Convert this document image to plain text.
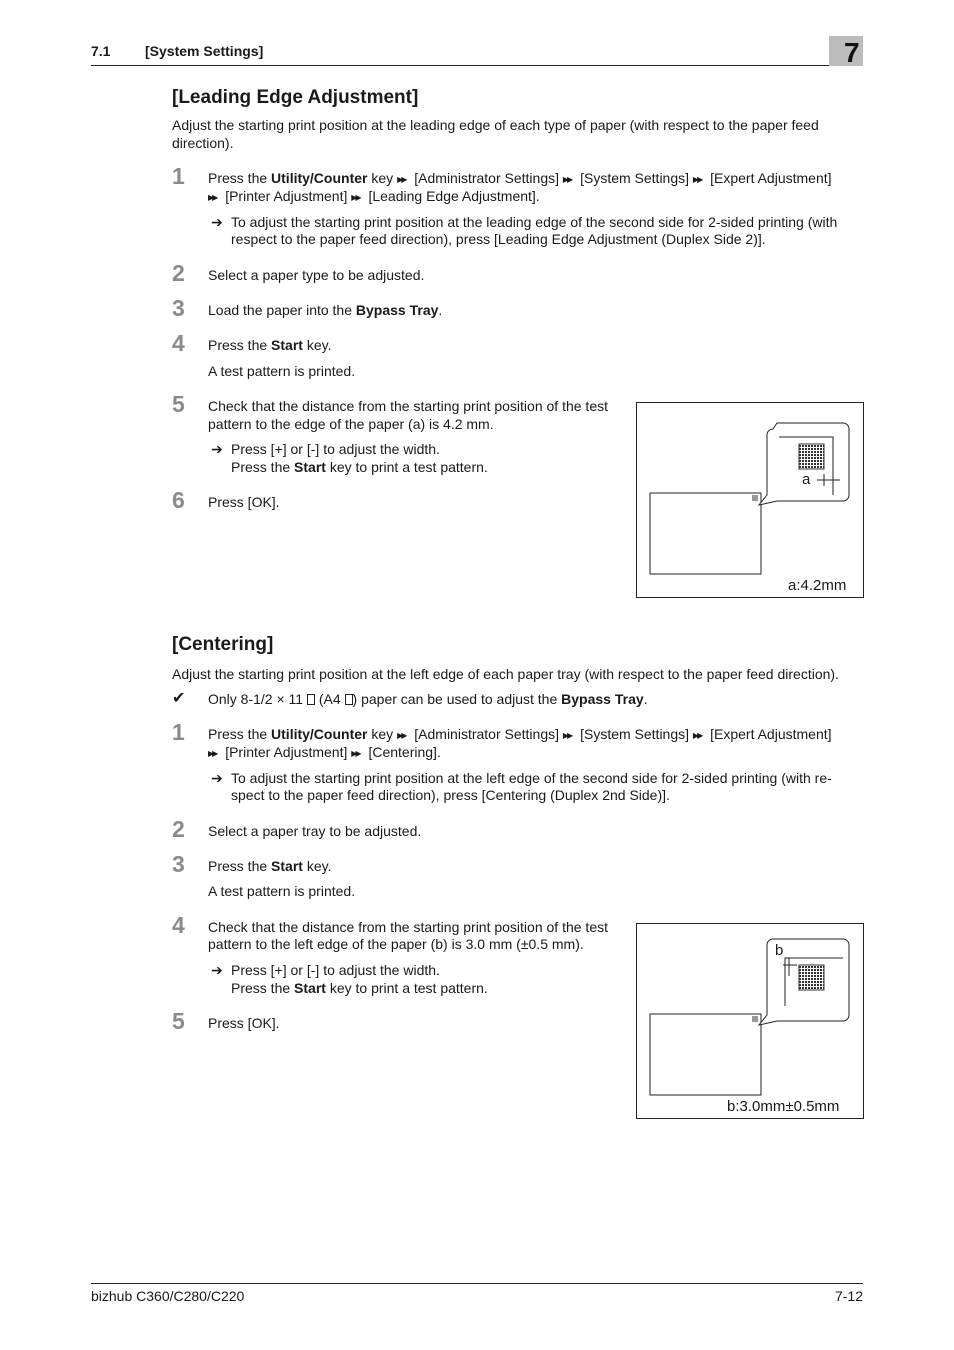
7.1 [System Settings]	7
[Leading Edge Adjustment]
Adjust the starting print position at the leading edge of each type of paper (with respect to the paper feed
direction).
1 Press the Utility/Counter key ▶▶ [Administrator Settings] ▶▶ [System Settings] ▶▶ [Expert Adjustment]
▶▶ [Printer Adjustment] ▶▶ [Leading Edge Adjustment].
➔ To adjust the starting print position at the leading edge of the second side for 2-sided printing (with
respect to the paper feed direction), press [Leading Edge Adjustment (Duplex Side 2)].
2 Select a paper type to be adjusted.
3 Load the paper into the Bypass Tray.
4 Press the Start key.
A test pattern is printed.
5 Check that the distance from the starting print position of the test
pattern to the edge of the paper (a) is 4.2 mm.
➔ Press [+] or [-] to adjust the width.
Press the Start key to print a test pattern.
6 Press [OK].
a
a:4.2mm
[Centering]
Adjust the starting print position at the left edge of each paper tray (with respect to the paper feed direction).
✔ Only 8-1/2 × 11  (A4 ) paper can be used to adjust the Bypass Tray.
1 Press the Utility/Counter key ▶▶ [Administrator Settings] ▶▶ [System Settings] ▶▶ [Expert Adjustment]
▶▶ [Printer Adjustment] ▶▶ [Centering].
➔ To adjust the starting print position at the left edge of the second side for 2-sided printing (with re-
spect to the paper feed direction), press [Centering (Duplex 2nd Side)].
2 Select a paper tray to be adjusted.
3 Press the Start key.
A test pattern is printed.
4 Check that the distance from the starting print position of the test
pattern to the left edge of the paper (b) is 3.0 mm (±0.5 mm).
➔ Press [+] or [-] to adjust the width.
Press the Start key to print a test pattern.
5 Press [OK].
b
b:3.0mm±0.5mm
bizhub C360/C280/C220	7-12
